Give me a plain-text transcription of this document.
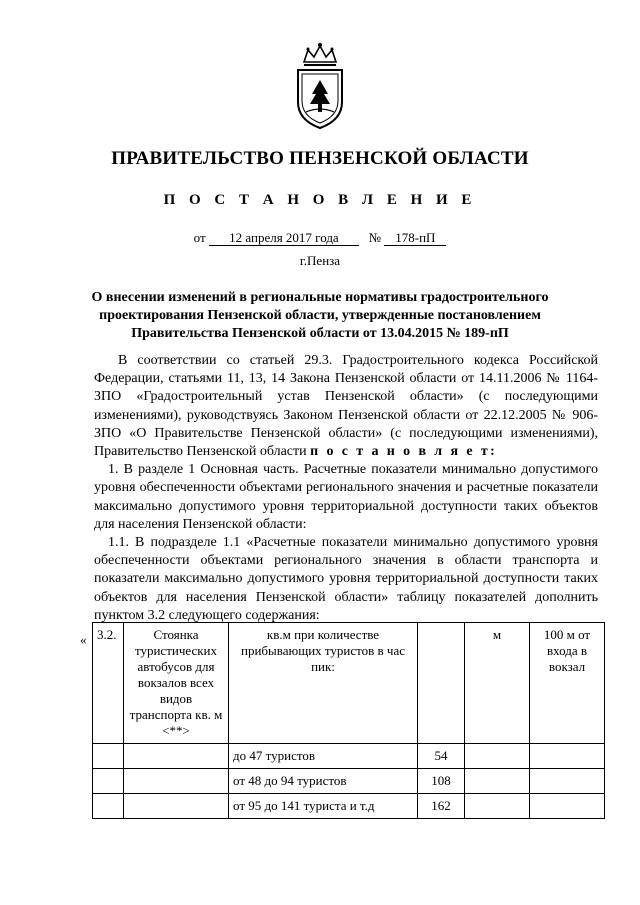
ПРАВИТЕЛЬСТВО ПЕНЗЕНСКОЙ ОБЛАСТИ
П О С Т А Н О В Л Е Н И Е
от 12 апреля 2017 года № 178-пП
г.Пенза
О внесении изменений в региональные нормативы градостроительного проектирования Пензенской области, утвержденные постановлением Правительства Пензенской области от 13.04.2015 № 189-пП

В соответствии со статьей 29.3. Градостроительного кодекса Российской Федерации, статьями 11, 13, 14 Закона Пензенской области от 14.11.2006 № 1164-ЗПО «Градостроительный устав Пензенской области» (с последующими изменениями), руководствуясь Законом Пензенской области от 22.12.2005 № 906-ЗПО «О Правительстве Пензенской области» (с последующими изменениями), Правительство Пензенской области п о с т а н о в л я е т:

1. В разделе 1 Основная часть. Расчетные показатели минимально допустимого уровня обеспеченности объектами регионального значения и расчетные показатели максимально допустимого уровня территориальной доступности таких объектов для населения Пензенской области:

1.1. В подразделе 1.1 «Расчетные показатели минимально допустимого уровня обеспеченности объектами регионального значения в области транспорта и показатели максимально допустимого уровня территориальной доступности таких объектов для населения Пензенской области» таблицу показателей дополнить пунктом 3.2 следующего содержания:

« 3.2.	Стоянка туристических автобусов для вокзалов всех видов транспорта кв. м <**>	кв.м при количестве прибывающих туристов в час пик:		м	100 м от входа в вокзал
		до 47 туристов	54		
		от 48 до 94 туристов	108		
		от 95 до 141 туриста и т.д	162		
